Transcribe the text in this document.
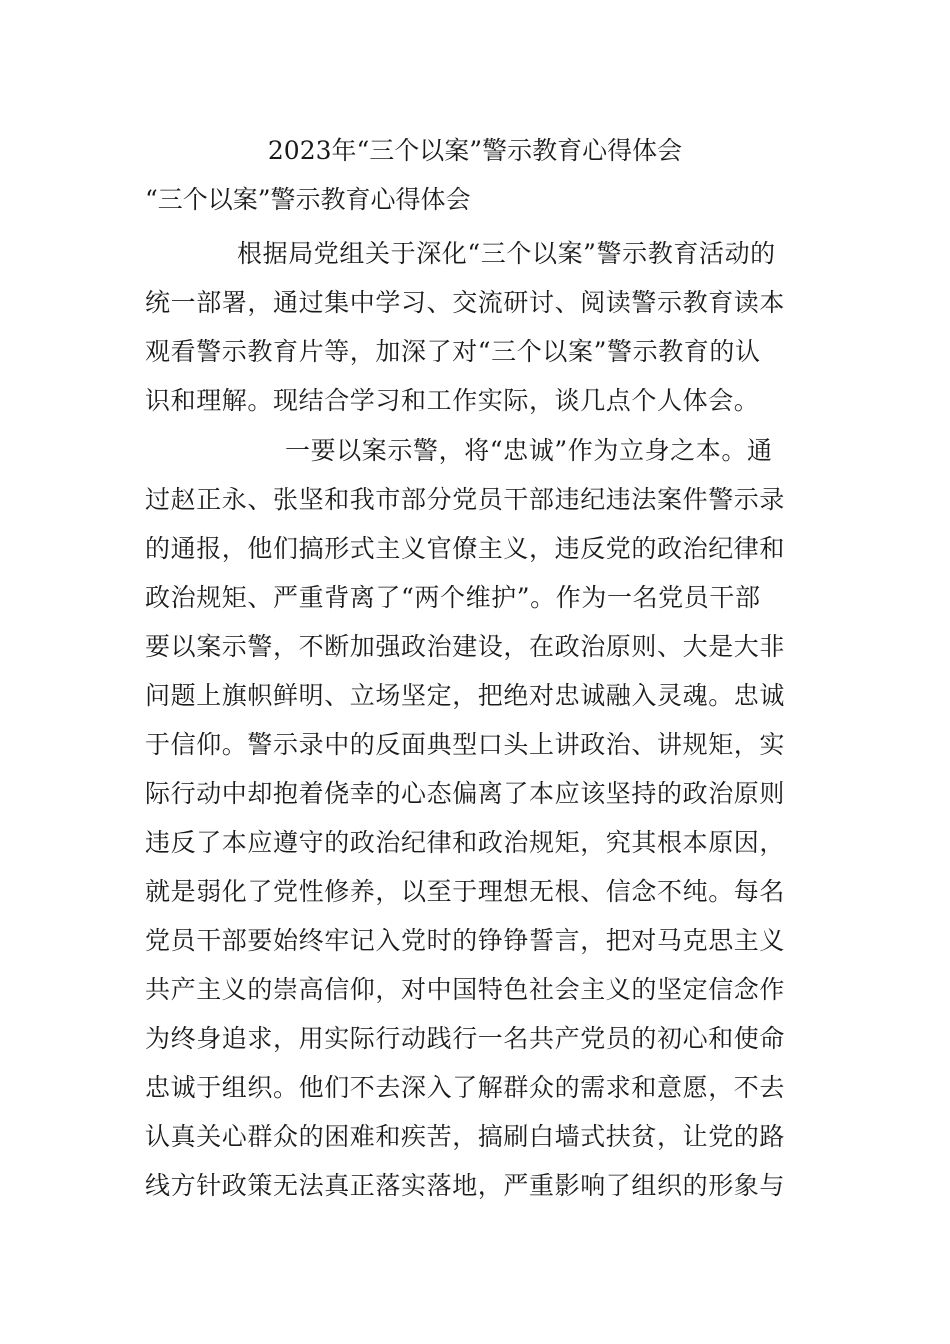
2023年“三个以案”警示教育心得体会
“三个以案”警示教育心得体会
根据局党组关于深化“三个以案”警示教育活动的
统一部署，通过集中学习、交流研讨、阅读警示教育读本
观看警示教育片等，加深了对“三个以案”警示教育的认
识和理解。现结合学习和工作实际，谈几点个人体会。
一要以案示警，将“忠诚”作为立身之本。通
过赵正永、张坚和我市部分党员干部违纪违法案件警示录
的通报，他们搞形式主义官僚主义，违反党的政治纪律和
政治规矩、严重背离了“两个维护”。作为一名党员干部
要以案示警，不断加强政治建设，在政治原则、大是大非
问题上旗帜鲜明、立场坚定，把绝对忠诚融入灵魂。忠诚
于信仰。警示录中的反面典型口头上讲政治、讲规矩，实
际行动中却抱着侥幸的心态偏离了本应该坚持的政治原则
违反了本应遵守的政治纪律和政治规矩，究其根本原因，
就是弱化了党性修养，以至于理想无根、信念不纯。每名
党员干部要始终牢记入党时的铮铮誓言，把对马克思主义
共产主义的崇高信仰，对中国特色社会主义的坚定信念作
为终身追求，用实际行动践行一名共产党员的初心和使命
忠诚于组织。他们不去深入了解群众的需求和意愿，不去
认真关心群众的困难和疾苦，搞刷白墙式扶贫，让党的路
线方针政策无法真正落实落地，严重影响了组织的形象与
